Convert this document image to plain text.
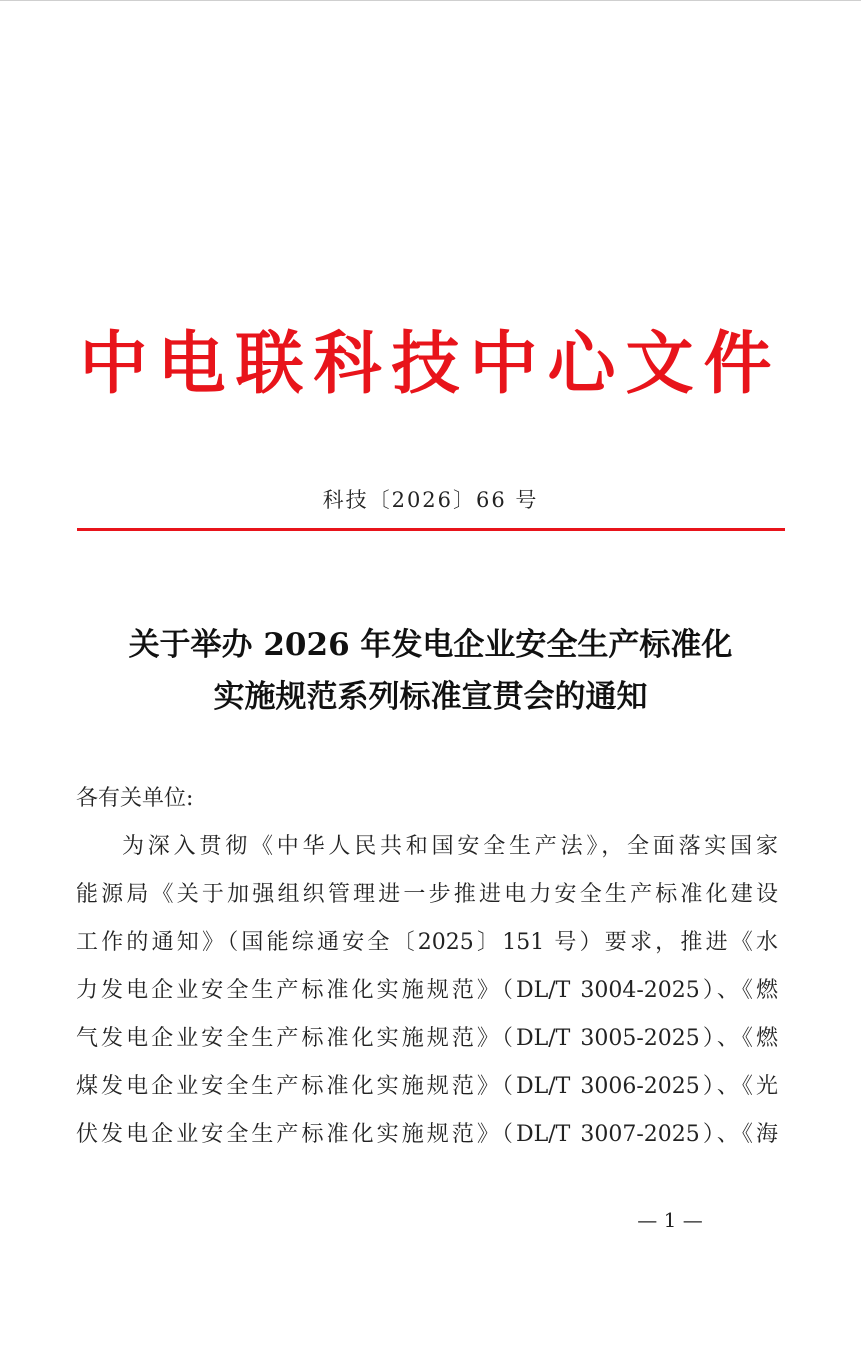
中电联科技中心文件
科技〔2026〕66 号
关于举办 2026 年发电企业安全生产标准化
实施规范系列标准宣贯会的通知
各有关单位:
为深入贯彻《中华人民共和国安全生产法》，全面落实国家
能源局《关于加强组织管理进一步推进电力安全生产标准化建设
工作的通知》（国能综通安全〔2025〕151 号）要求，推进《水
力发电企业安全生产标准化实施规范》（DL/T 3004-2025）、《燃
气发电企业安全生产标准化实施规范》（DL/T 3005-2025）、《燃
煤发电企业安全生产标准化实施规范》（DL/T 3006-2025）、《光
伏发电企业安全生产标准化实施规范》（DL/T 3007-2025）、《海
— 1 —
